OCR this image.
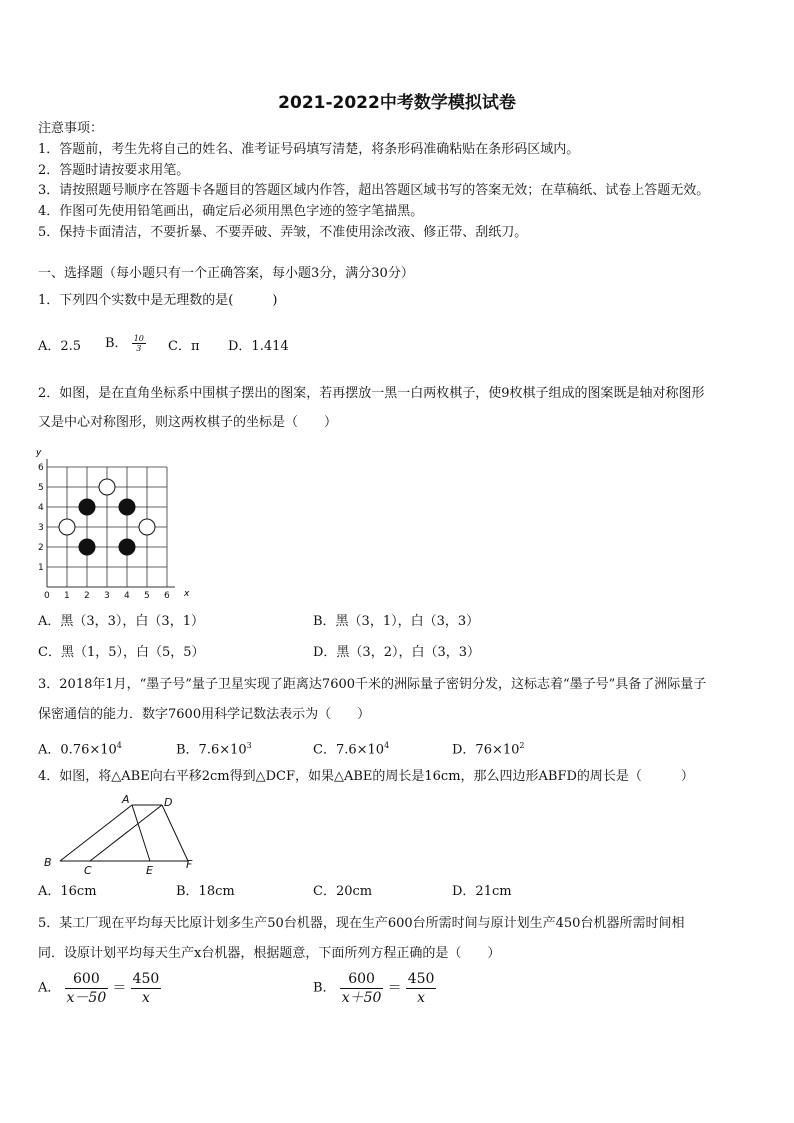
2021-2022中考数学模拟试卷
注意事项：
1．答题前，考生先将自己的姓名、准考证号码填写清楚，将条形码准确粘贴在条形码区域内。
2．答题时请按要求用笔。
3．请按照题号顺序在答题卡各题目的答题区域内作答，超出答题区域书写的答案无效；在草稿纸、试卷上答题无效。
4．作图可先使用铅笔画出，确定后必须用黑色字迹的签字笔描黑。
5．保持卡面清洁，不要折暴、不要弄破、弄皱，不准使用涂改液、修正带、刮纸刀。
一、选择题（每小题只有一个正确答案，每小题3分，满分30分）
1．下列四个实数中是无理数的是(　　　)
A．2.5 B． $\frac{10}{3}$ C．π D．1.414
2．如图，是在直角坐标系中围棋子摆出的图案，若再摆放一黑一白两枚棋子，使9枚棋子组成的图案既是轴对称图形
又是中心对称图形，则这两枚棋子的坐标是（　　）
y
x
0 1 2 3 4 5 6
1
2
3
4
5
6
A．黑（3，3），白（3，1）	B．黑（3，1），白（3，3）
C．黑（1，5），白（5，5）	D．黑（3，2），白（3，3）
3．2018年1月，“墨子号”量子卫星实现了距离达7600千米的洲际量子密钥分发，这标志着“墨子号”具备了洲际量子
保密通信的能力．数字7600用科学记数法表示为（　　）
A．$0.76\times 10^4$	B．$7.6\times 10^3$	C．$7.6\times 10^4$	D．$76\times 10^2$
4．如图，将△ABE向右平移2cm得到△DCF，如果△ABE的周长是16cm，那么四边形ABFD的周长是（　　　）
A	D
B
C	E	F
A．16cm	B．18cm	C．20cm	D．21cm
5．某工厂现在平均每天比原计划多生产50台机器，现在生产600台所需时间与原计划生产450台机器所需时间相
同．设原计划平均每天生产x台机器，根据题意，下面所列方程正确的是（　　）
A． $\frac{600}{x-50} = \frac{450}{x}$	B． $\frac{600}{x+50} = \frac{450}{x}$
